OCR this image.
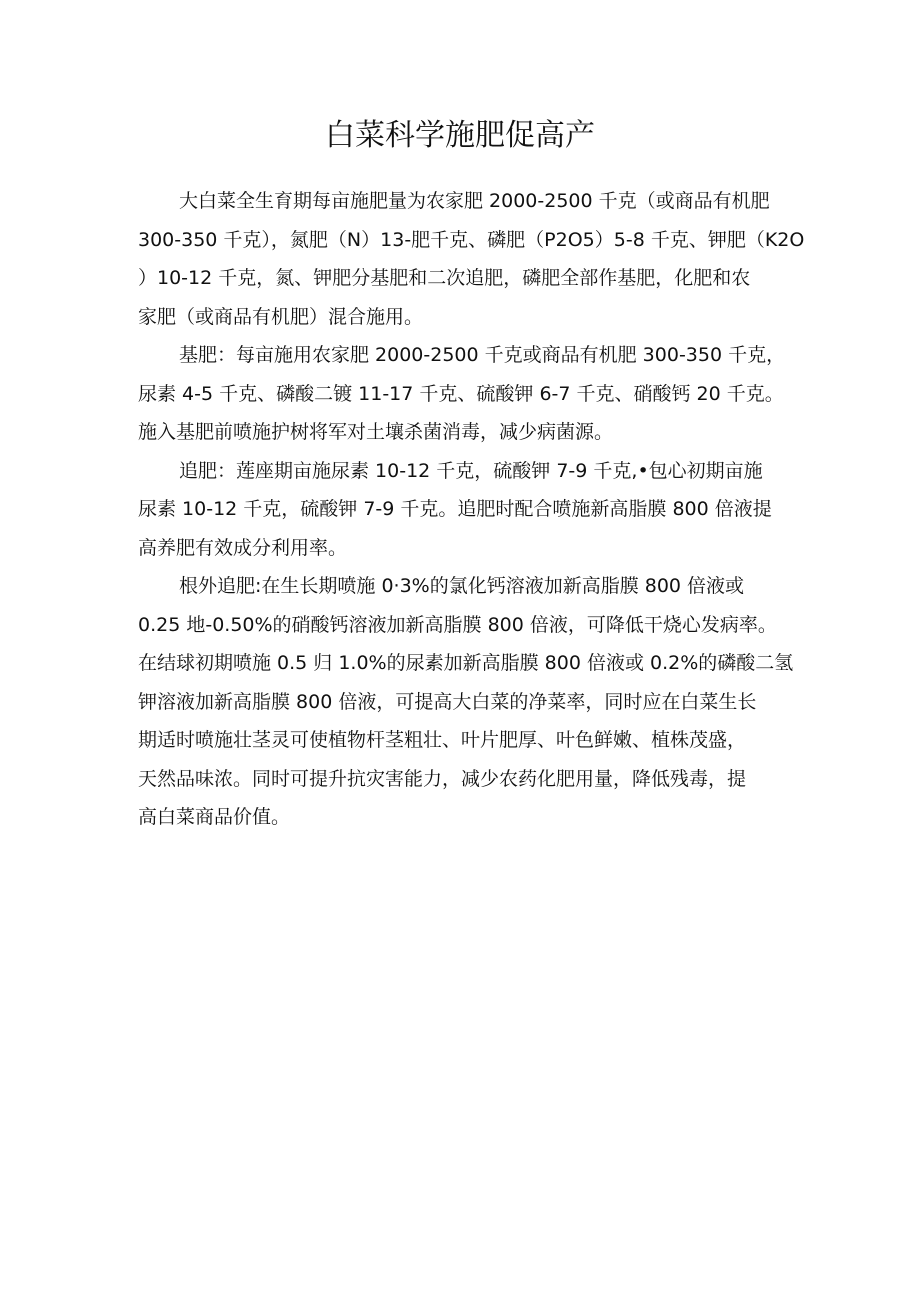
白菜科学施肥促高产

大白菜全生育期每亩施肥量为农家肥 2000-2500 千克（或商品有机肥
300-350 千克），氮肥（N）13-肥千克、磷肥（P2O5）5-8 千克、钾肥（K2O
）10-12 千克，氮、钾肥分基肥和二次追肥，磷肥全部作基肥，化肥和农
家肥（或商品有机肥）混合施用。

基肥：每亩施用农家肥 2000-2500 千克或商品有机肥 300-350 千克，
尿素 4-5 千克、磷酸二镀 11-17 千克、硫酸钾 6-7 千克、硝酸钙 20 千克。
施入基肥前喷施护树将军对土壤杀菌消毒，减少病菌源。

追肥：莲座期亩施尿素 10-12 千克，硫酸钾 7-9 千克,•包心初期亩施
尿素 10-12 千克，硫酸钾 7-9 千克。追肥时配合喷施新高脂膜 800 倍液提
高养肥有效成分利用率。

根外追肥:在生长期喷施 0·3%的氯化钙溶液加新高脂膜 800 倍液或
0.25 地-0.50%的硝酸钙溶液加新高脂膜 800 倍液，可降低干烧心发病率。
在结球初期喷施 0.5 归 1.0%的尿素加新高脂膜 800 倍液或 0.2%的磷酸二氢
钾溶液加新高脂膜 800 倍液，可提高大白菜的净菜率，同时应在白菜生长
期适时喷施壮茎灵可使植物杆茎粗壮、叶片肥厚、叶色鲜嫩、植株茂盛，
天然品味浓。同时可提升抗灾害能力，减少农药化肥用量，降低残毒，提
高白菜商品价值。
